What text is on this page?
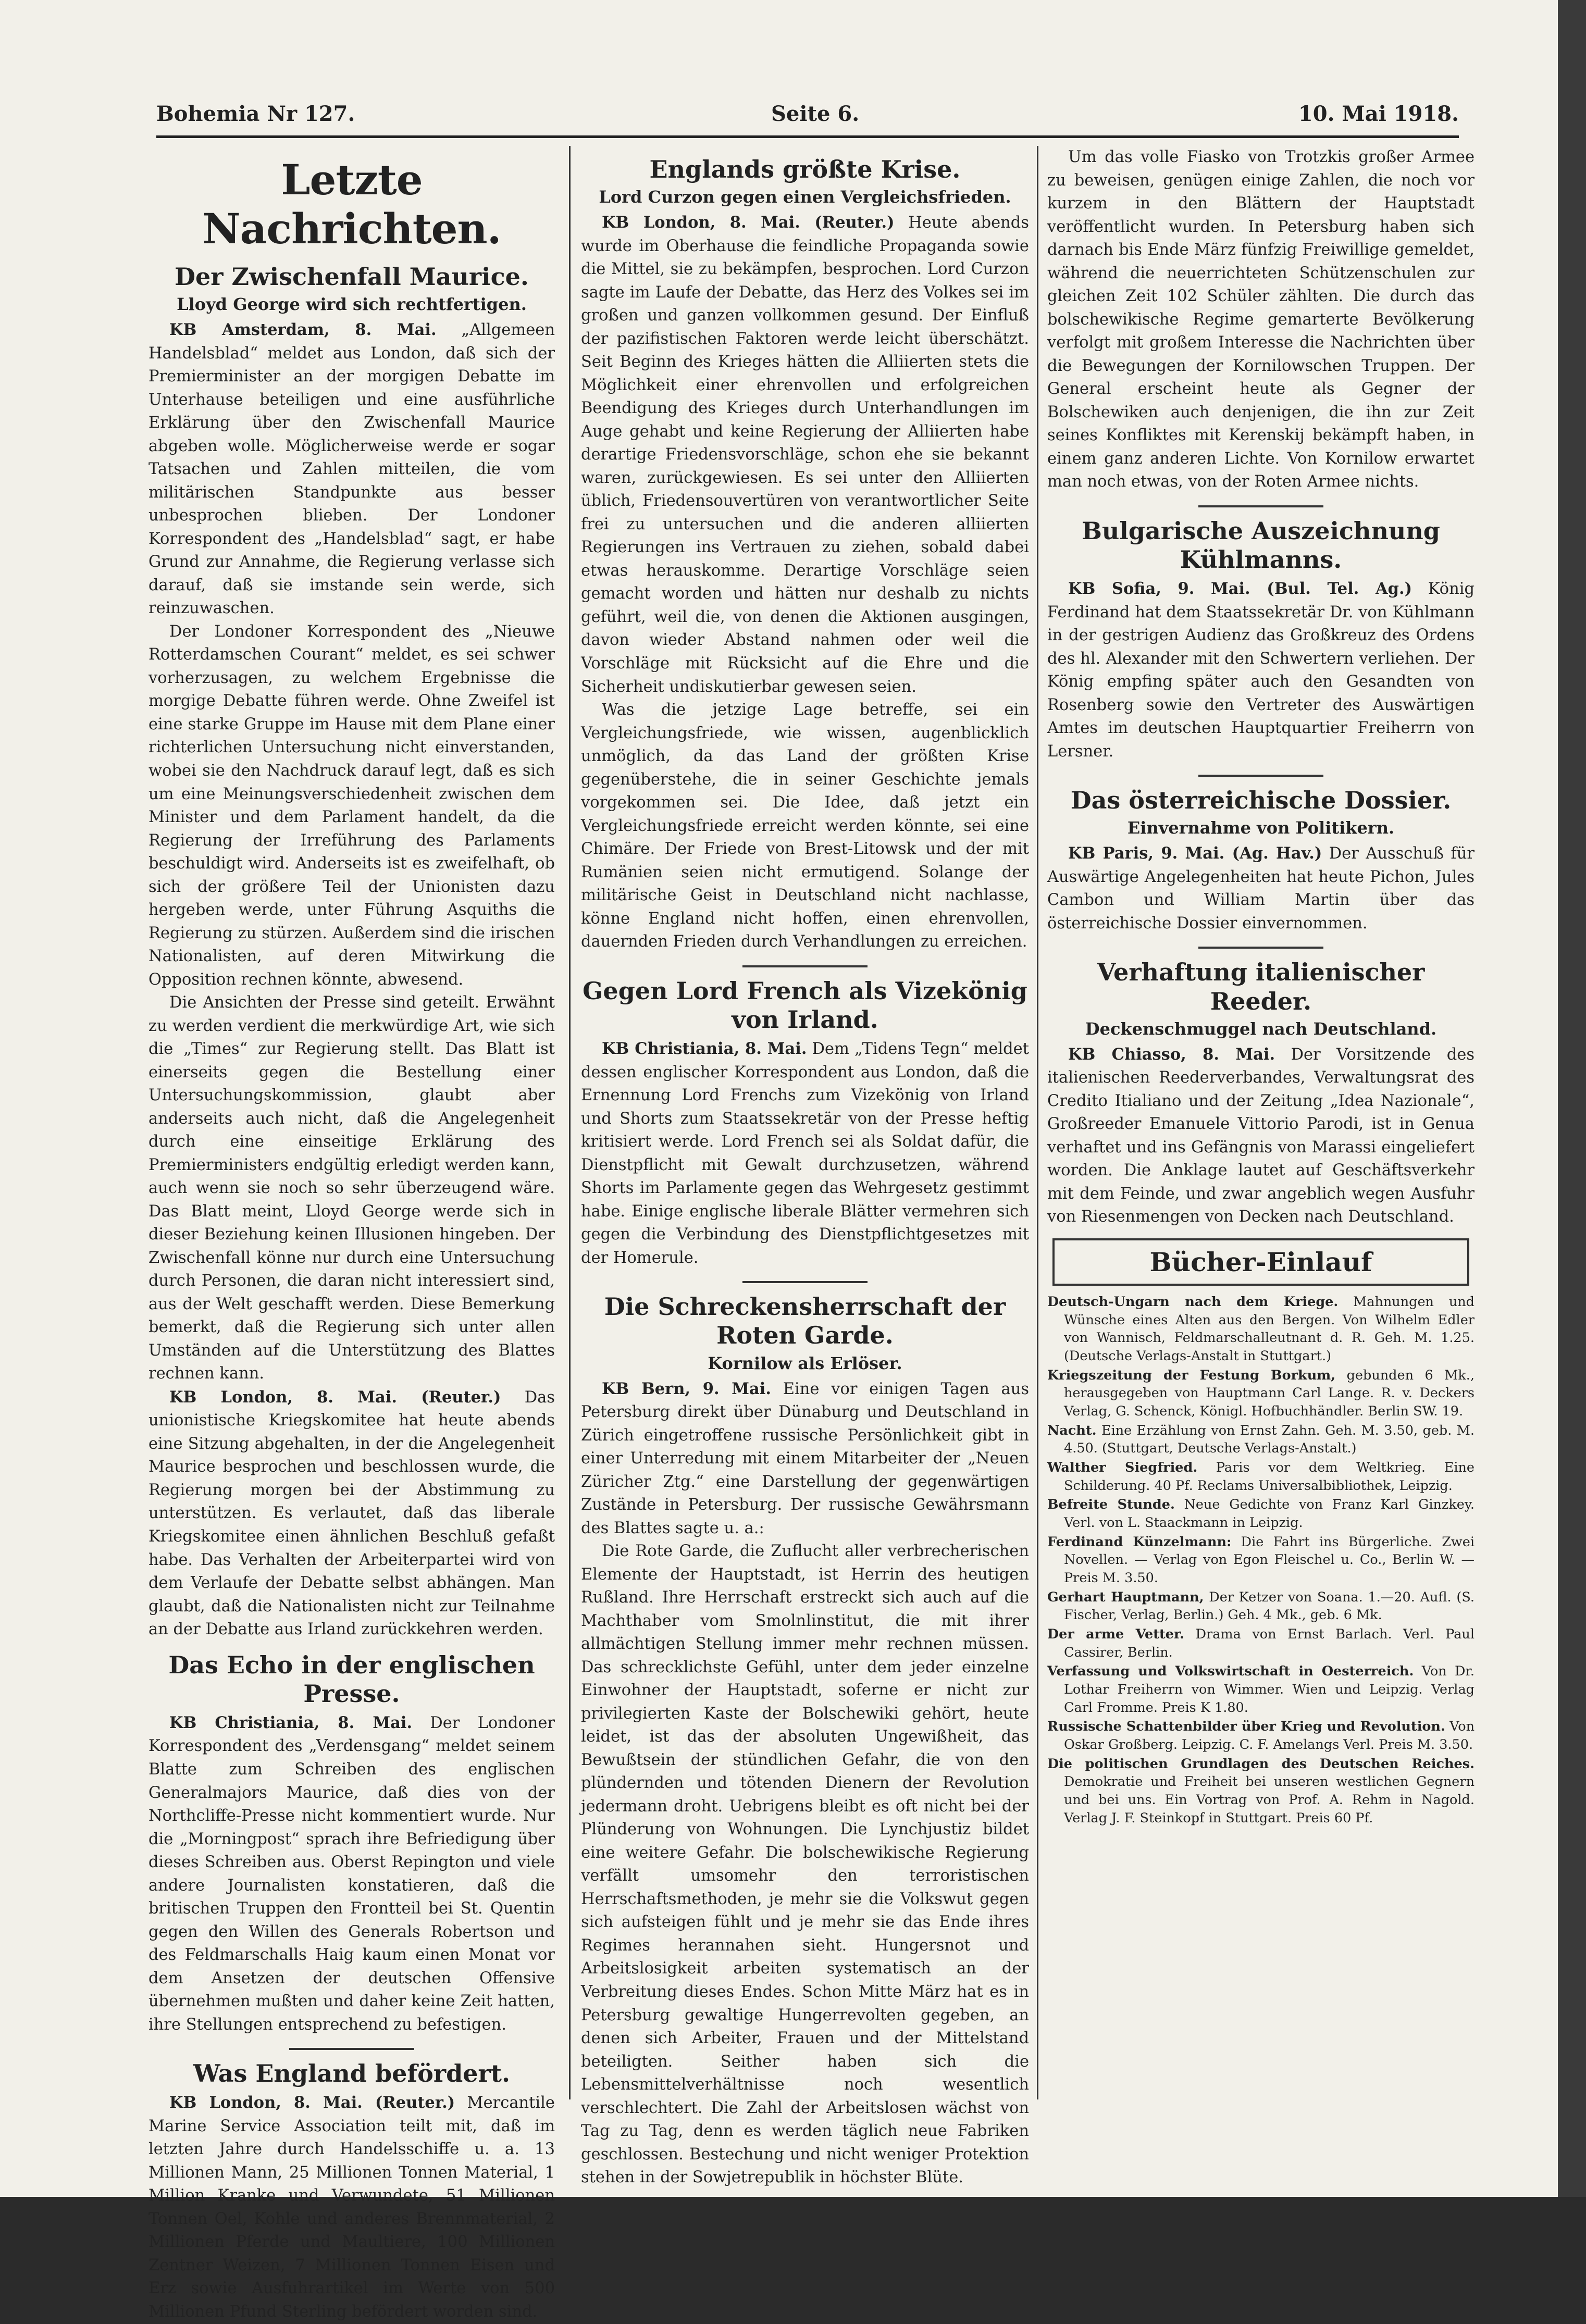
Bohemia Nr 127.	Seite 6.	10. Mai 1918.
Letzte Nachrichten.
Der Zwischenfall Maurice.
Lloyd George wird sich rechtfertigen.

KB Amsterdam, 8. Mai. „Allgemeen Handelsblad“ meldet aus London, daß sich der Premierminister an der morgigen Debatte im Unterhause beteiligen und eine ausführliche Erklärung über den Zwischenfall Maurice abgeben wolle. Möglicherweise werde er sogar Tatsachen und Zahlen mitteilen, die vom militärischen Standpunkte aus besser unbesprochen blieben. Der Londoner Korrespondent des „Handelsblad“ sagt, er habe Grund zur Annahme, die Regierung verlasse sich darauf, daß sie imstande sein werde, sich reinzuwaschen.

Der Londoner Korrespondent des „Nieuwe Rotterdamschen Courant“ meldet, es sei schwer vorherzusagen, zu welchem Ergebnisse die morgige Debatte führen werde. Ohne Zweifel ist eine starke Gruppe im Hause mit dem Plane einer richterlichen Untersuchung nicht einverstanden, wobei sie den Nachdruck darauf legt, daß es sich um eine Meinungsverschiedenheit zwischen dem Minister und dem Parlament handelt, da die Regierung der Irreführung des Parlaments beschuldigt wird. Anderseits ist es zweifelhaft, ob sich der größere Teil der Unionisten dazu hergeben werde, unter Führung Asquiths die Regierung zu stürzen. Außerdem sind die irischen Nationalisten, auf deren Mitwirkung die Opposition rechnen könnte, abwesend.

Die Ansichten der Presse sind geteilt. Erwähnt zu werden verdient die merkwürdige Art, wie sich die „Times“ zur Regierung stellt. Das Blatt ist einerseits gegen die Bestellung einer Untersuchungskommission, glaubt aber anderseits auch nicht, daß die Angelegenheit durch eine einseitige Erklärung des Premierministers endgültig erledigt werden kann, auch wenn sie noch so sehr überzeugend wäre. Das Blatt meint, Lloyd George werde sich in dieser Beziehung keinen Illusionen hingeben. Der Zwischenfall könne nur durch eine Untersuchung durch Personen, die daran nicht interessiert sind, aus der Welt geschafft werden. Diese Bemerkung bemerkt, daß die Regierung sich unter allen Umständen auf die Unterstützung des Blattes rechnen kann.

KB London, 8. Mai. (Reuter.) Das unionistische Kriegskomitee hat heute abends eine Sitzung abgehalten, in der die Angelegenheit Maurice besprochen und beschlossen wurde, die Regierung morgen bei der Abstimmung zu unterstützen. Es verlautet, daß das liberale Kriegskomitee einen ähnlichen Beschluß gefaßt habe. Das Verhalten der Arbeiterpartei wird von dem Verlaufe der Debatte selbst abhängen. Man glaubt, daß die Nationalisten nicht zur Teilnahme an der Debatte aus Irland zurückkehren werden.

Das Echo in der englischen Presse.

KB Christiania, 8. Mai. Der Londoner Korrespondent des „Verdensgang“ meldet seinem Blatte zum Schreiben des englischen Generalmajors Maurice, daß dies von der Northcliffe-Presse nicht kommentiert wurde. Nur die „Morningpost“ sprach ihre Befriedigung über dieses Schreiben aus. Oberst Repington und viele andere Journalisten konstatieren, daß die britischen Truppen den Frontteil bei St. Quentin gegen den Willen des Generals Robertson und des Feldmarschalls Haig kaum einen Monat vor dem Ansetzen der deutschen Offensive übernehmen mußten und daher keine Zeit hatten, ihre Stellungen entsprechend zu befestigen.

Was England befördert.

KB London, 8. Mai. (Reuter.) Mercantile Marine Service Association teilt mit, daß im letzten Jahre durch Handelsschiffe u. a. 13 Millionen Mann, 25 Millionen Tonnen Material, 1 Million Kranke und Verwundete, 51 Millionen Tonnen Oel, Kohle und anderes Brennmaterial, 2 Millionen Pferde und Maultiere, 100 Millionen Zentner Weizen, 7 Millionen Tonnen Eisen und Erz sowie Ausfuhrartikel im Werte von 500 Millionen Pfund Sterling befördert worden sind.

Englands größte Krise.
Lord Curzon gegen einen Vergleichsfrieden.

KB London, 8. Mai. (Reuter.) Heute abends wurde im Oberhause die feindliche Propaganda sowie die Mittel, sie zu bekämpfen, besprochen. Lord Curzon sagte im Laufe der Debatte, das Herz des Volkes sei im großen und ganzen vollkommen gesund. Der Einfluß der pazifistischen Faktoren werde leicht überschätzt. Seit Beginn des Krieges hätten die Alliierten stets die Möglichkeit einer ehrenvollen und erfolgreichen Beendigung des Krieges durch Unterhandlungen im Auge gehabt und keine Regierung der Alliierten habe derartige Friedensvorschläge, schon ehe sie bekannt waren, zurückgewiesen. Es sei unter den Alliierten üblich, Friedensouvertüren von verantwortlicher Seite frei zu untersuchen und die anderen alliierten Regierungen ins Vertrauen zu ziehen, sobald dabei etwas herauskomme. Derartige Vorschläge seien gemacht worden und hätten nur deshalb zu nichts geführt, weil die, von denen die Aktionen ausgingen, davon wieder Abstand nahmen oder weil die Vorschläge mit Rücksicht auf die Ehre und die Sicherheit undiskutierbar gewesen seien.

Was die jetzige Lage betreffe, sei ein Vergleichungsfriede, wie wissen, augenblicklich unmöglich, da das Land der größten Krise gegenüberstehe, die in seiner Geschichte jemals vorgekommen sei. Die Idee, daß jetzt ein Vergleichungsfriede erreicht werden könnte, sei eine Chimäre. Der Friede von Brest-Litowsk und der mit Rumänien seien nicht ermutigend. Solange der militärische Geist in Deutschland nicht nachlasse, könne England nicht hoffen, einen ehrenvollen, dauernden Frieden durch Verhandlungen zu erreichen.

Gegen Lord French als Vizekönig von Irland.

KB Christiania, 8. Mai. Dem „Tidens Tegn“ meldet dessen englischer Korrespondent aus London, daß die Ernennung Lord Frenchs zum Vizekönig von Irland und Shorts zum Staatssekretär von der Presse heftig kritisiert werde. Lord French sei als Soldat dafür, die Dienstpflicht mit Gewalt durchzusetzen, während Shorts im Parlamente gegen das Wehrgesetz gestimmt habe. Einige englische liberale Blätter vermehren sich gegen die Verbindung des Dienstpflichtgesetzes mit der Homerule.

Die Schreckensherrschaft der Roten Garde.
Kornilow als Erlöser.

KB Bern, 9. Mai. Eine vor einigen Tagen aus Petersburg direkt über Dünaburg und Deutschland in Zürich eingetroffene russische Persönlichkeit gibt in einer Unterredung mit einem Mitarbeiter der „Neuen Züricher Ztg.“ eine Darstellung der gegenwärtigen Zustände in Petersburg. Der russische Gewährsmann des Blattes sagte u. a.:

Die Rote Garde, die Zuflucht aller verbrecherischen Elemente der Hauptstadt, ist Herrin des heutigen Rußland. Ihre Herrschaft erstreckt sich auch auf die Machthaber vom Smolnlinstitut, die mit ihrer allmächtigen Stellung immer mehr rechnen müssen. Das schrecklichste Gefühl, unter dem jeder einzelne Einwohner der Hauptstadt, soferne er nicht zur privilegierten Kaste der Bolschewiki gehört, heute leidet, ist das der absoluten Ungewißheit, das Bewußtsein der stündlichen Gefahr, die von den plündernden und tötenden Dienern der Revolution jedermann droht. Uebrigens bleibt es oft nicht bei der Plünderung von Wohnungen. Die Lynchjustiz bildet eine weitere Gefahr. Die bolschewikische Regierung verfällt umsomehr den terroristischen Herrschaftsmethoden, je mehr sie die Volkswut gegen sich aufsteigen fühlt und je mehr sie das Ende ihres Regimes herannahen sieht. Hungersnot und Arbeitslosigkeit arbeiten systematisch an der Verbreitung dieses Endes. Schon Mitte März hat es in Petersburg gewaltige Hungerrevolten gegeben, an denen sich Arbeiter, Frauen und der Mittelstand beteiligten. Seither haben sich die Lebensmittelverhältnisse noch wesentlich verschlechtert. Die Zahl der Arbeitslosen wächst von Tag zu Tag, denn es werden täglich neue Fabriken geschlossen. Bestechung und nicht weniger Protektion stehen in der Sowjetrepublik in höchster Blüte.

Um das volle Fiasko von Trotzkis großer Armee zu beweisen, genügen einige Zahlen, die noch vor kurzem in den Blättern der Hauptstadt veröffentlicht wurden. In Petersburg haben sich darnach bis Ende März fünfzig Freiwillige gemeldet, während die neuerrichteten Schützenschulen zur gleichen Zeit 102 Schüler zählten. Die durch das bolschewikische Regime gemarterte Bevölkerung verfolgt mit großem Interesse die Nachrichten über die Bewegungen der Kornilowschen Truppen. Der General erscheint heute als Gegner der Bolschewiken auch denjenigen, die ihn zur Zeit seines Konfliktes mit Kerenskij bekämpft haben, in einem ganz anderen Lichte. Von Kornilow erwartet man noch etwas, von der Roten Armee nichts.

Bulgarische Auszeichnung Kühlmanns.

KB Sofia, 9. Mai. (Bul. Tel. Ag.) König Ferdinand hat dem Staatssekretär Dr. von Kühlmann in der gestrigen Audienz das Großkreuz des Ordens des hl. Alexander mit den Schwertern verliehen. Der König empfing später auch den Gesandten von Rosenberg sowie den Vertreter des Auswärtigen Amtes im deutschen Hauptquartier Freiherrn von Lersner.

Das österreichische Dossier.
Einvernahme von Politikern.

KB Paris, 9. Mai. (Ag. Hav.) Der Ausschuß für Auswärtige Angelegenheiten hat heute Pichon, Jules Cambon und William Martin über das österreichische Dossier einvernommen.

Verhaftung italienischer Reeder.
Deckenschmuggel nach Deutschland.

KB Chiasso, 8. Mai. Der Vorsitzende des italienischen Reederverbandes, Verwaltungsrat des Credito Itialiano und der Zeitung „Idea Nazionale“, Großreeder Emanuele Vittorio Parodi, ist in Genua verhaftet und ins Gefängnis von Marassi eingeliefert worden. Die Anklage lautet auf Geschäftsverkehr mit dem Feinde, und zwar angeblich wegen Ausfuhr von Riesenmengen von Decken nach Deutschland.

Bücher-Einlauf

Deutsch-Ungarn nach dem Kriege. Mahnungen und Wünsche eines Alten aus den Bergen. Von Wilhelm Edler von Wannisch, Feldmarschalleutnant d. R. Geh. M. 1.25. (Deutsche Verlags-Anstalt in Stuttgart.)

Kriegszeitung der Festung Borkum, gebunden 6 Mk., herausgegeben von Hauptmann Carl Lange. R. v. Deckers Verlag, G. Schenck, Königl. Hofbuchhändler. Berlin SW. 19.

Nacht. Eine Erzählung von Ernst Zahn. Geh. M. 3.50, geb. M. 4.50. (Stuttgart, Deutsche Verlags-Anstalt.)

Walther Siegfried. Paris vor dem Weltkrieg. Eine Schilderung. 40 Pf. Reclams Universalbibliothek, Leipzig.

Befreite Stunde. Neue Gedichte von Franz Karl Ginzkey. Verl. von L. Staackmann in Leipzig.

Ferdinand Künzelmann: Die Fahrt ins Bürgerliche. Zwei Novellen. — Verlag von Egon Fleischel u. Co., Berlin W. — Preis M. 3.50.

Gerhart Hauptmann, Der Ketzer von Soana. 1.—20. Aufl. (S. Fischer, Verlag, Berlin.) Geh. 4 Mk., geb. 6 Mk.

Der arme Vetter. Drama von Ernst Barlach. Verl. Paul Cassirer, Berlin.

Verfassung und Volkswirtschaft in Oesterreich. Von Dr. Lothar Freiherrn von Wimmer. Wien und Leipzig. Verlag Carl Fromme. Preis K 1.80.

Russische Schattenbilder über Krieg und Revolution. Von Oskar Großberg. Leipzig. C. F. Amelangs Verl. Preis M. 3.50.

Die politischen Grundlagen des Deutschen Reiches. Demokratie und Freiheit bei unseren westlichen Gegnern und bei uns. Ein Vortrag von Prof. A. Rehm in Nagold. Verlag J. F. Steinkopf in Stuttgart. Preis 60 Pf.
